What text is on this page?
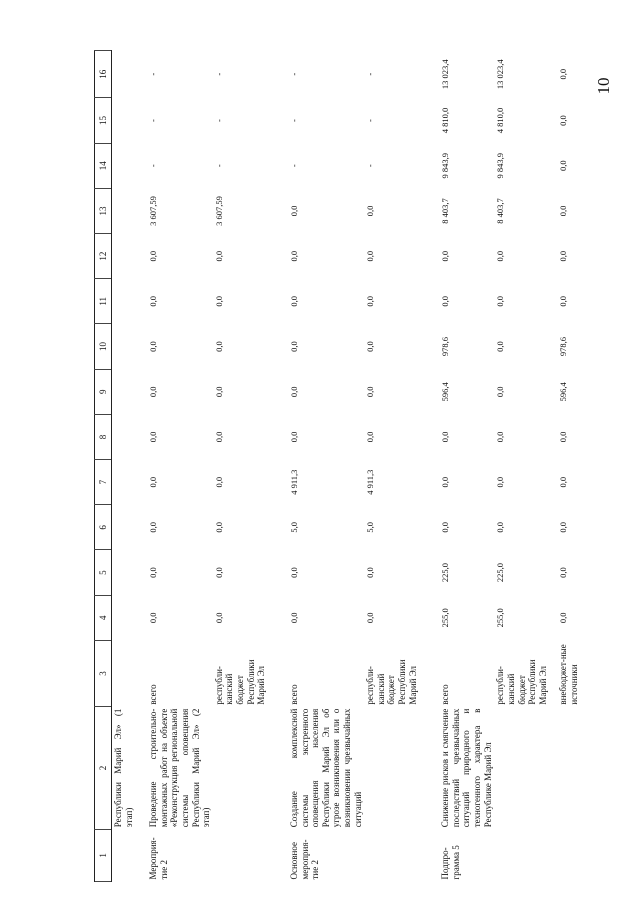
10
1	2	3	4	5	6	7	8	9	10	11	12	13	14	15	16
	Республики Марий Эл» (1 этап)														

Мероприя-тие 2	Проведение строительно-монтажных работ на объекте «Реконструкция региональной системы оповещения Республики Марий Эл» (2 этап)	всего	0,0	0,0	0,0	0,0	0,0	0,0	0,0	0,0	0,0	3 607,59	-	-	-
		республи-канский бюджет Республики Марий Эл	0,0	0,0	0,0	0,0	0,0	0,0	0,0	0,0	0,0	3 607,59	-	-	-

Основное мероприя-тие 2	Создание комплексной системы экстренного оповещения населения Республики Марий Эл об угрозе возникновения или о возникновении чрезвычайных ситуаций	всего	0,0	0,0	5,0	4 911,3	0,0	0,0	0,0	0,0	0,0	0,0	-	-	-
		республи-канский бюджет Республики Марий Эл	0,0	0,0	5,0	4 911,3	0,0	0,0	0,0	0,0	0,0	0,0	-	-	-

Подпро-грамма 5	Снижение рисков и смягчение последствий чрезвычайных ситуаций природного и техногенного характера в Республике Марий Эл	всего	255,0	225,0	0,0	0,0	0,0	596,4	978,6	0,0	0,0	8 403,7	9 843,9	4 810,0	13 023,4
		республи-канский бюджет Республики Марий Эл	255,0	225,0	0,0	0,0	0,0	0,0	0,0	0,0	0,0	8 403,7	9 843,9	4 810,0	13 023,4

		внебюджет-ные источники	0,0	0,0	0,0	0,0	0,0	596,4	978,6	0,0	0,0	0,0	0,0	0,0	0,0
